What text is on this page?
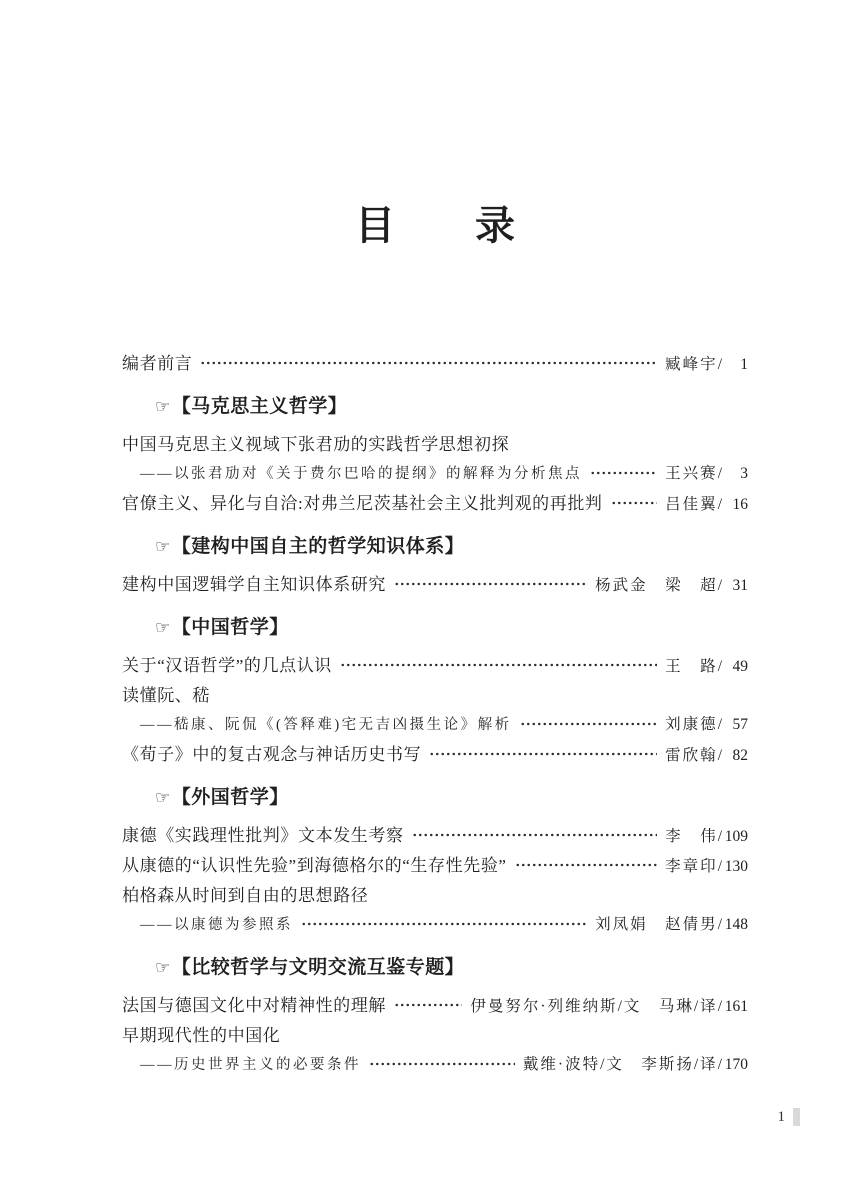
目　　录
编者前言	臧峰宇 /	1
☞ 【马克思主义哲学】
中国马克思主义视域下张君劢的实践哲学思想初探
——以张君劢对《关于费尔巴哈的提纲》的解释为分析焦点	王兴赛 /	3
官僚主义、异化与自洽:对弗兰尼茨基社会主义批判观的再批判	吕佳翼 / 16
☞ 【建构中国自主的哲学知识体系】
建构中国逻辑学自主知识体系研究	杨武金　梁　超 / 31
☞ 【中国哲学】
关于“汉语哲学”的几点认识	王　路 / 49
读懂阮、嵇
——嵇康、阮侃《(答释难)宅无吉凶摄生论》解析	刘康德 / 57
《荀子》中的复古观念与神话历史书写	雷欣翰 / 82
☞ 【外国哲学】
康德《实践理性批判》文本发生考察	李　伟 / 109
从康德的“认识性先验”到海德格尔的“生存性先验”	李章印 / 130
柏格森从时间到自由的思想路径
——以康德为参照系	刘凤娟　赵倩男 / 148
☞ 【比较哲学与文明交流互鉴专题】
法国与德国文化中对精神性的理解	伊曼努尔·列维纳斯/文　马琳/译 / 161
早期现代性的中国化
——历史世界主义的必要条件	戴维·波特/文　李斯扬/译 / 170
1
